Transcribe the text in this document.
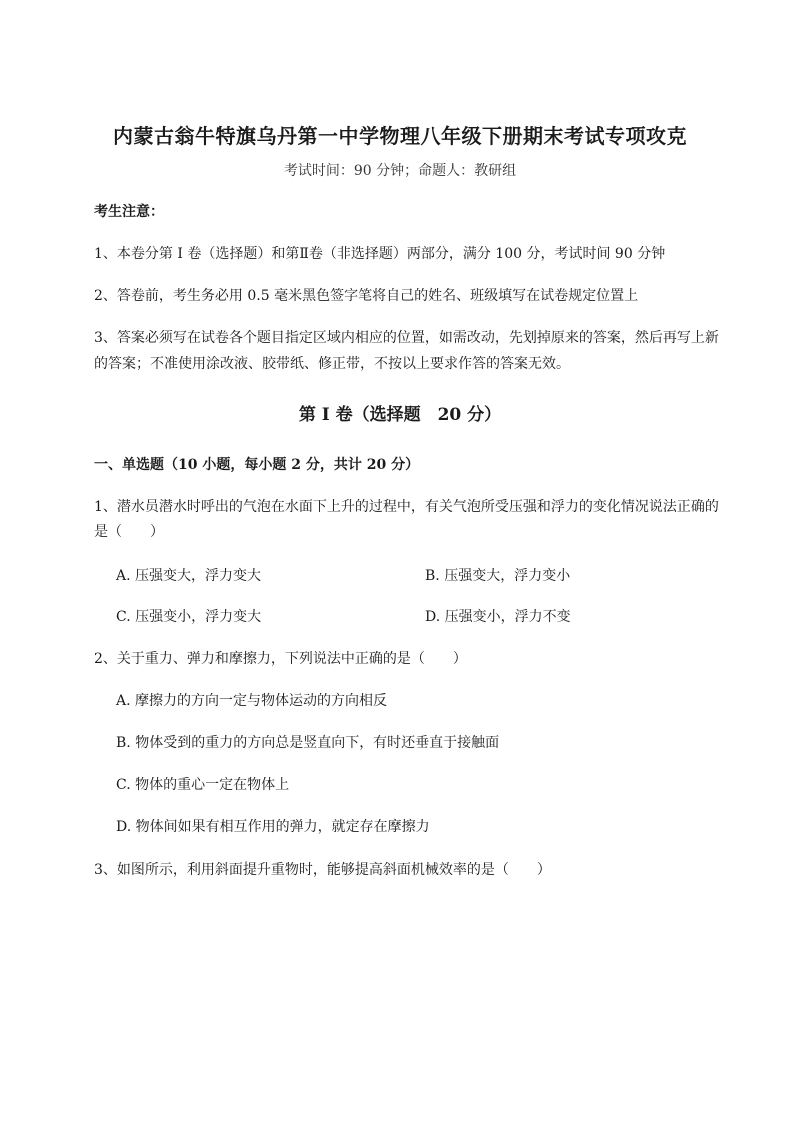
内蒙古翁牛特旗乌丹第一中学物理八年级下册期末考试专项攻克
考试时间：90 分钟；命题人：教研组
考生注意：
1、本卷分第 I 卷（选择题）和第Ⅱ卷（非选择题）两部分，满分 100 分，考试时间 90 分钟
2、答卷前，考生务必用 0.5 毫米黑色签字笔将自己的姓名、班级填写在试卷规定位置上
3、答案必须写在试卷各个题目指定区域内相应的位置，如需改动，先划掉原来的答案，然后再写上新
的答案；不准使用涂改液、胶带纸、修正带，不按以上要求作答的答案无效。
第 I 卷（选择题　20 分）
一、单选题（10 小题，每小题 2 分，共计 20 分）
1、潜水员潜水时呼出的气泡在水面下上升的过程中，有关气泡所受压强和浮力的变化情况说法正确的
是（　　）
A. 压强变大，浮力变大	B. 压强变大，浮力变小
C. 压强变小，浮力变大	D. 压强变小，浮力不变
2、关于重力、弹力和摩擦力，下列说法中正确的是（　　）
A. 摩擦力的方向一定与物体运动的方向相反
B. 物体受到的重力的方向总是竖直向下，有时还垂直于接触面
C. 物体的重心一定在物体上
D. 物体间如果有相互作用的弹力，就定存在摩擦力
3、如图所示，利用斜面提升重物时，能够提高斜面机械效率的是（　　）
